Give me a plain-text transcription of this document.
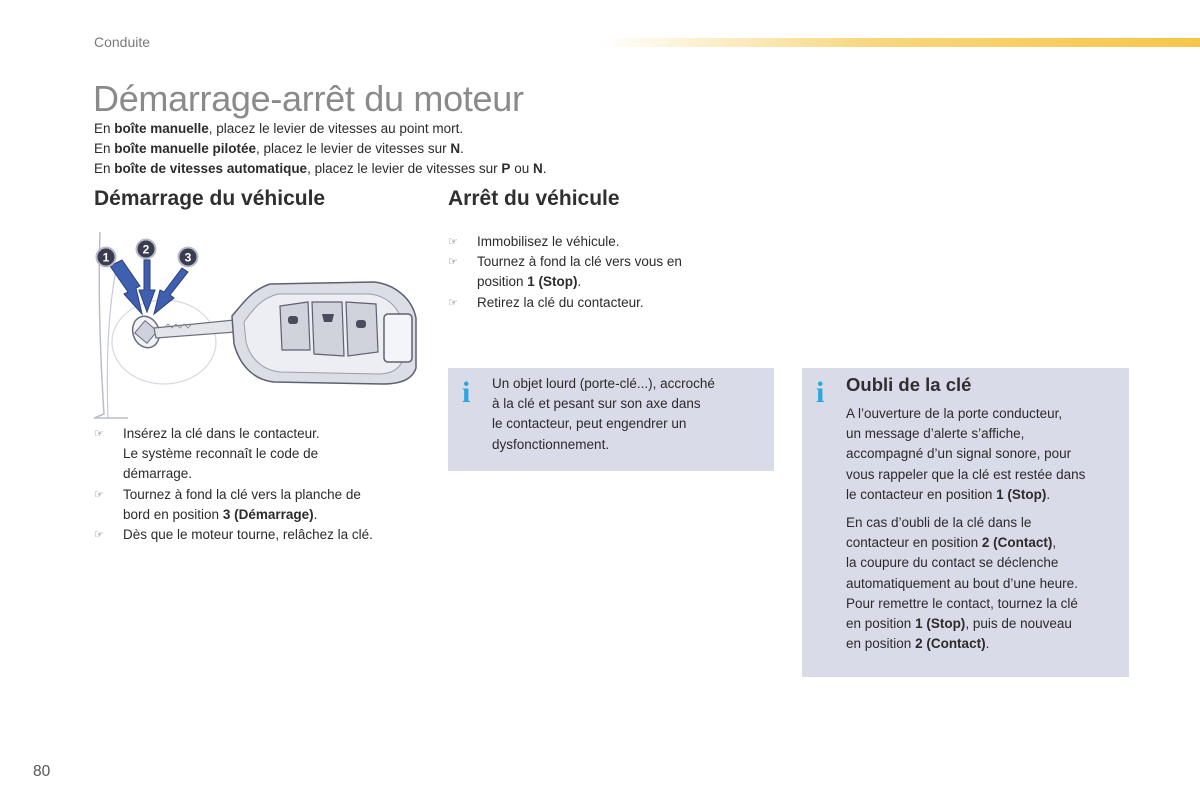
Conduite
Démarrage-arrêt du moteur

En boîte manuelle, placez le levier de vitesses au point mort.

En boîte manuelle pilotée, placez le levier de vitesses sur N.

En boîte de vitesses automatique, placez le levier de vitesses sur P ou N.

Démarrage du véhicule
1
2
3
☞ Insérez la clé dans le contacteur.
Le système reconnaît le code de
démarrage.
☞ Tournez à fond la clé vers la planche de
bord en position 3 (Démarrage).
☞ Dès que le moteur tourne, relâchez la clé.
Arrêt du véhicule
☞ Immobilisez le véhicule.
☞ Tournez à fond la clé vers vous en
position 1 (Stop).
☞ Retirez la clé du contacteur.
i Un objet lourd (porte-clé...), accroché
à la clé et pesant sur son axe dans
le contacteur, peut engendrer un
dysfonctionnement.
i Oubli de la clé
A l’ouverture de la porte conducteur,
un message d’alerte s’affiche,
accompagné d’un signal sonore, pour
vous rappeler que la clé est restée dans
le contacteur en position 1 (Stop).
En cas d’oubli de la clé dans le
contacteur en position 2 (Contact),
la coupure du contact se déclenche
automatiquement au bout d’une heure.
Pour remettre le contact, tournez la clé
en position 1 (Stop), puis de nouveau
en position 2 (Contact).
80
